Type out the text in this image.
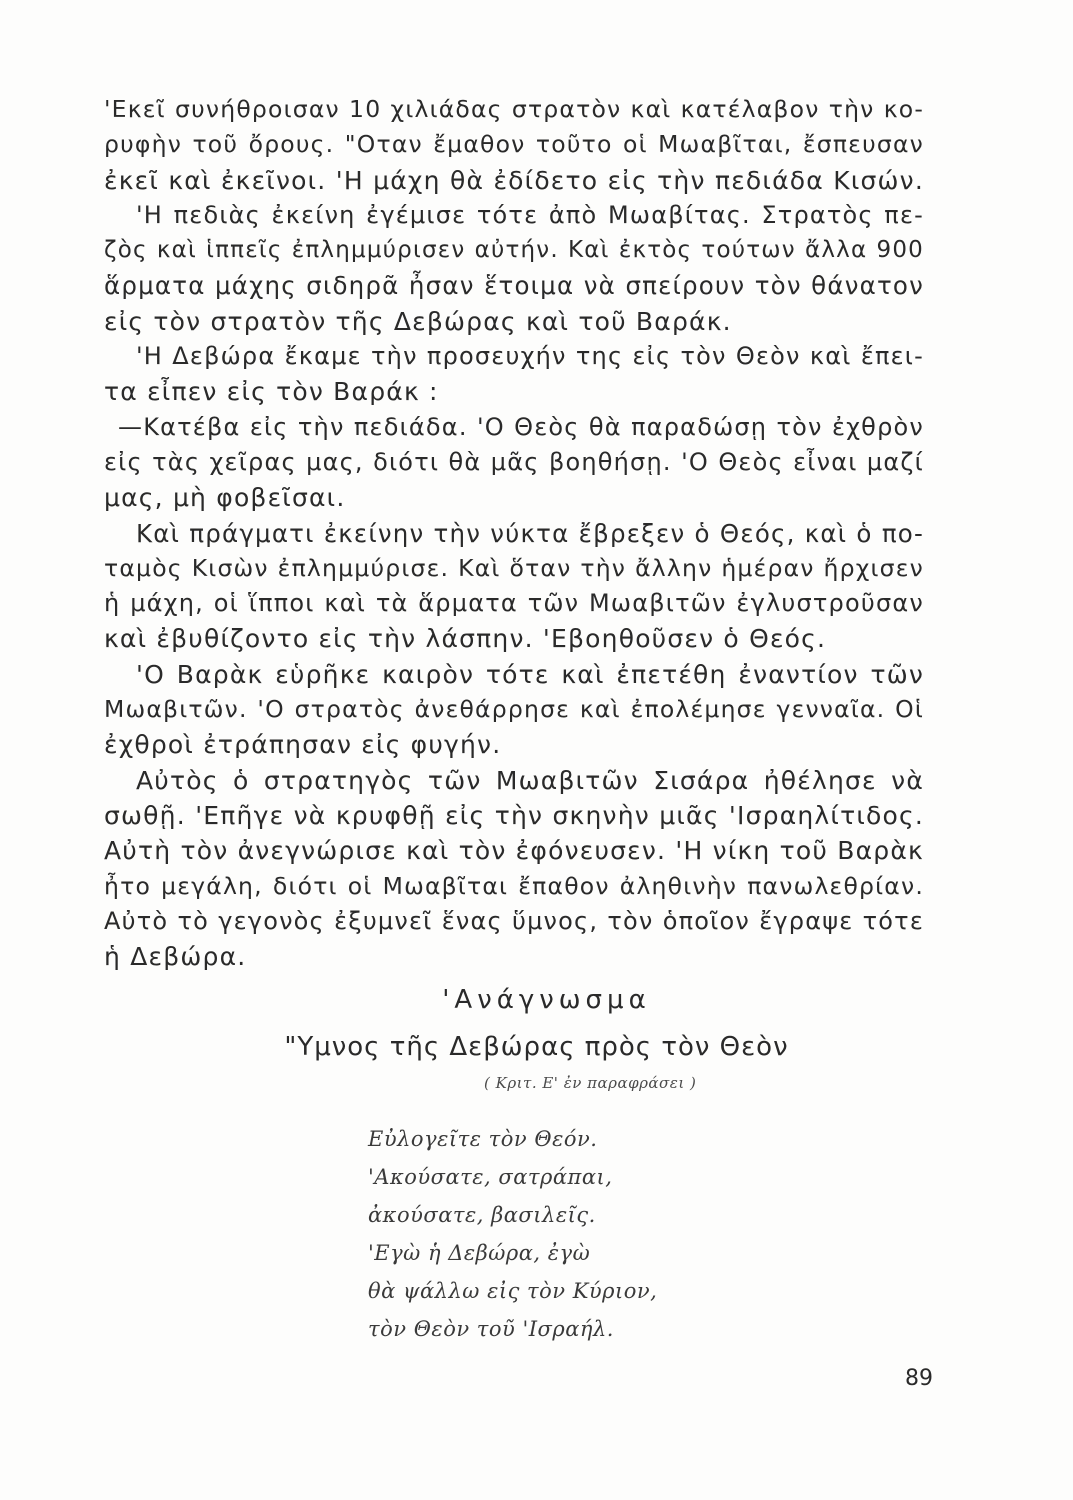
'Εκεῖ συνήθροισαν 10 χιλιάδας στρατὸν καὶ κατέλαβον τὴν κο-
ρυφὴν τοῦ ὄρους. "Οταν ἔμαθον τοῦτο οἱ Μωαβῖται, ἔσπευσαν
ἐκεῖ καὶ ἐκεῖνοι. 'Η μάχη θὰ ἐδίδετο εἰς τὴν πεδιάδα Κισών.
'Η πεδιὰς ἐκείνη ἐγέμισε τότε ἀπὸ Μωαβίτας. Στρατὸς πε-
ζὸς καὶ ἱππεῖς ἐπλημμύρισεν αὐτήν. Καὶ ἐκτὸς τούτων ἄλλα 900
ἅρματα μάχης σιδηρᾶ ἦσαν ἕτοιμα νὰ σπείρουν τὸν θάνατον
εἰς τὸν στρατὸν τῆς Δεβώρας καὶ τοῦ Βαράκ.
'Η Δεβώρα ἔκαμε τὴν προσευχήν της εἰς τὸν Θεὸν καὶ ἔπει-
τα εἶπεν εἰς τὸν Βαράκ :
—Κατέβα εἰς τὴν πεδιάδα. 'Ο Θεὸς θὰ παραδώσῃ τὸν ἐχθρὸν
εἰς τὰς χεῖρας μας, διότι θὰ μᾶς βοηθήσῃ. 'Ο Θεὸς εἶναι μαζί
μας, μὴ φοβεῖσαι.
Καὶ πράγματι ἐκείνην τὴν νύκτα ἔβρεξεν ὁ Θεός, καὶ ὁ πο-
ταμὸς Κισὼν ἐπλημμύρισε. Καὶ ὅταν τὴν ἄλλην ἡμέραν ἤρχισεν
ἡ μάχη, οἱ ἵπποι καὶ τὰ ἅρματα τῶν Μωαβιτῶν ἐγλυστροῦσαν
καὶ ἐβυθίζοντο εἰς τὴν λάσπην. 'Εβοηθοῦσεν ὁ Θεός.
'Ο Βαρὰκ εὑρῆκε καιρὸν τότε καὶ ἐπετέθη ἐναντίον τῶν
Μωαβιτῶν. 'Ο στρατὸς ἀνεθάρρησε καὶ ἐπολέμησε γενναῖα. Οἱ
ἐχθροὶ ἐτράπησαν εἰς φυγήν.
Αὐτὸς ὁ στρατηγὸς τῶν Μωαβιτῶν Σισάρα ἠθέλησε νὰ
σωθῇ. 'Επῆγε νὰ κρυφθῇ εἰς τὴν σκηνὴν μιᾶς 'Ισραηλίτιδος.
Αὐτὴ τὸν ἀνεγνώρισε καὶ τὸν ἐφόνευσεν. 'Η νίκη τοῦ Βαρὰκ
ἦτο μεγάλη, διότι οἱ Μωαβῖται ἔπαθον ἀληθινὴν πανωλεθρίαν.
Αὐτὸ τὸ γεγονὸς ἐξυμνεῖ ἕνας ὕμνος, τὸν ὁποῖον ἔγραψε τότε
ἡ Δεβώρα.
'Ανάγνωσμα
"Υμνος τῆς Δεβώρας πρὸς τὸν Θεὸν
( Κριτ. Ε' ἐν παραφράσει )
Εὐλογεῖτε τὸν Θεόν.
'Ακούσατε, σατράπαι,
ἀκούσατε, βασιλεῖς.
'Εγὼ ἡ Δεβώρα, ἐγὼ
θὰ ψάλλω εἰς τὸν Κύριον,
τὸν Θεὸν τοῦ 'Ισραήλ.
89
